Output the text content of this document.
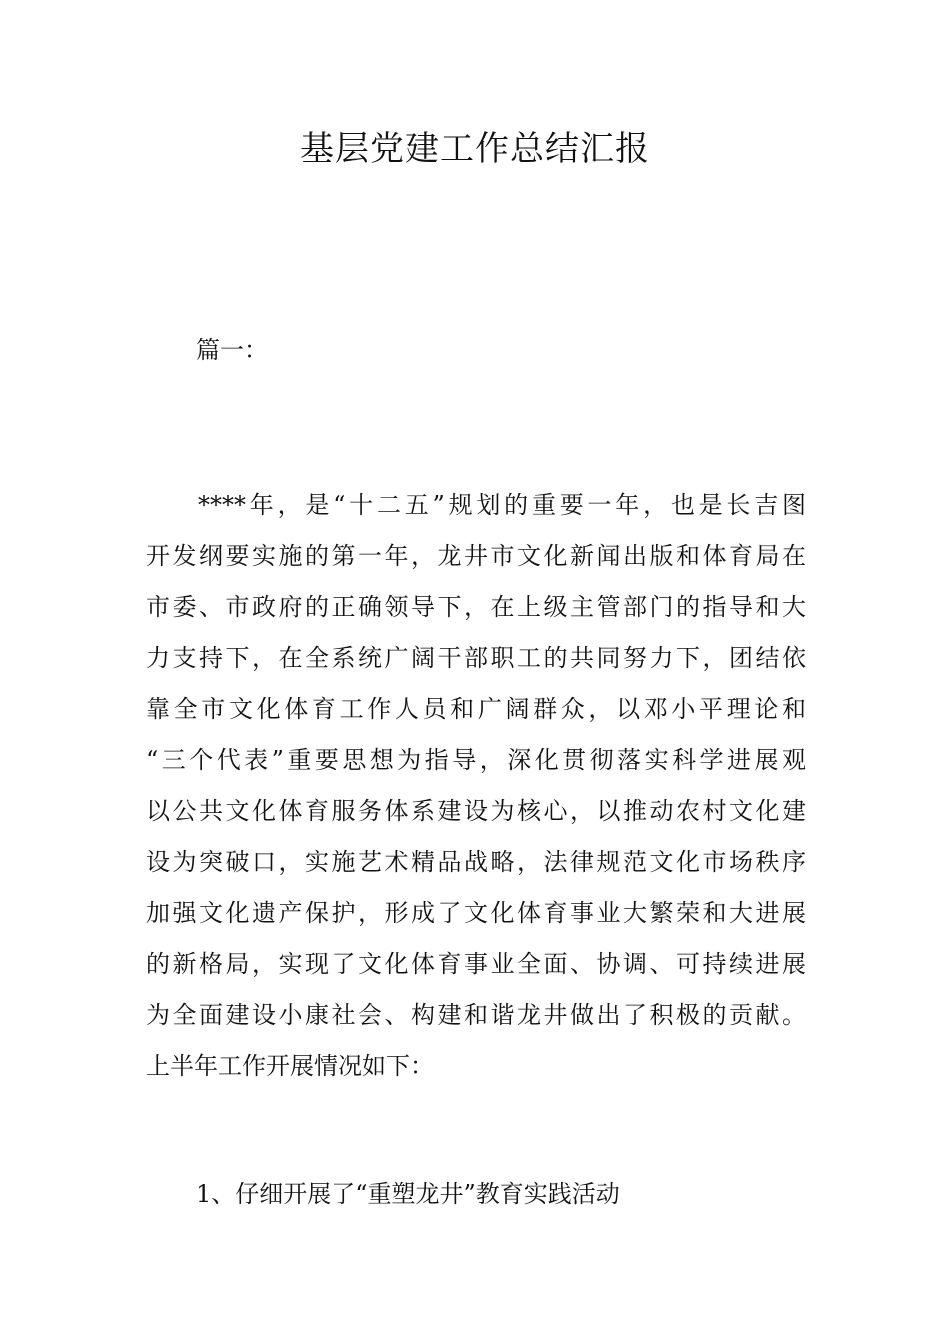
基层党建工作总结汇报

篇一：

****年，是“十二五”规划的重要一年，也是长吉图
开发纲要实施的第一年，龙井市文化新闻出版和体育局在
市委、市政府的正确领导下，在上级主管部门的指导和大
力支持下，在全系统广阔干部职工的共同努力下，团结依
靠全市文化体育工作人员和广阔群众，以邓小平理论和
“三个代表”重要思想为指导，深化贯彻落实科学进展观
以公共文化体育服务体系建设为核心，以推动农村文化建
设为突破口，实施艺术精品战略，法律规范文化市场秩序
加强文化遗产保护，形成了文化体育事业大繁荣和大进展
的新格局，实现了文化体育事业全面、协调、可持续进展
为全面建设小康社会、构建和谐龙井做出了积极的贡献。
上半年工作开展情况如下：

1、仔细开展了“重塑龙井”教育实践活动
